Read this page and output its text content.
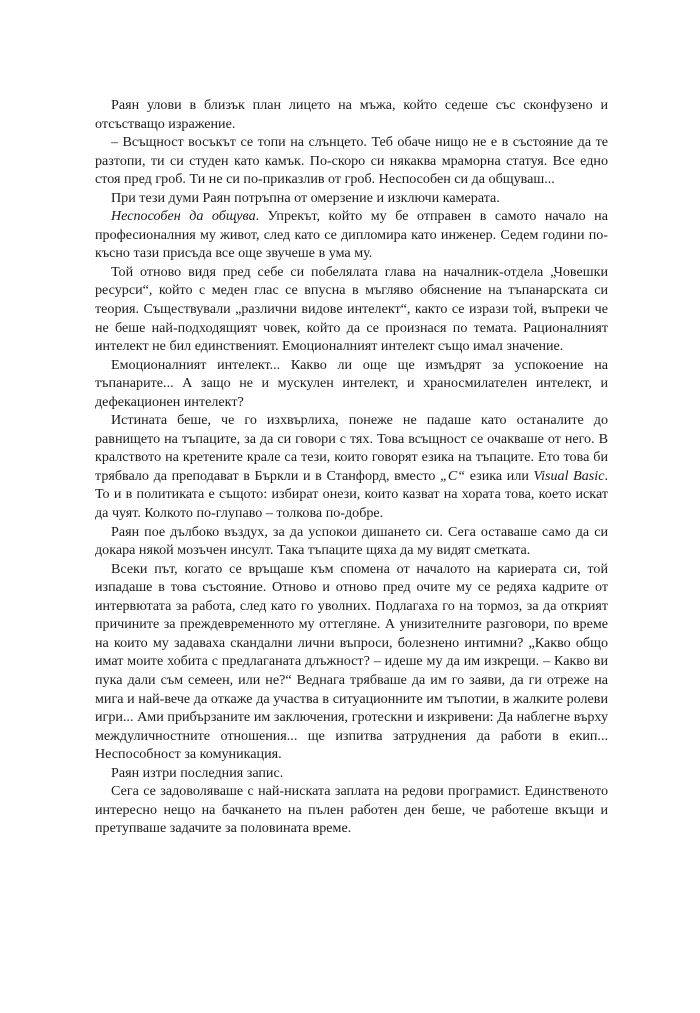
Раян улови в близък план лицето на мъжа, който седеше със сконфузено и отсъстващо изражение.

– Всъщност восъкът се топи на слънцето. Теб обаче нищо не е в състояние да те разтопи, ти си студен като камък. По-скоро си някаква мраморна статуя. Все едно стоя пред гроб. Ти не си по-приказлив от гроб. Неспособен си да общуваш...

При тези думи Раян потръпна от омерзение и изключи камерата.

Неспособен да общува. Упрекът, който му бе отправен в самото начало на професионалния му живот, след като се дипломира като инженер. Седем години по-късно тази присъда все още звучеше в ума му.

Той отново видя пред себе си побелялата глава на началник-отдела „Човешки ресурси“, който с меден глас се впусна в мъгляво обяснение на тъпанарската си теория. Съществували „различни видове интелект“, както се изрази той, въпреки че не беше най-подходящият човек, който да се произнася по темата. Рационалният интелект не бил единственият. Емоционалният интелект също имал значение.

Емоционалният интелект... Какво ли още ще измъдрят за успокоение на тъпанарите... А защо не и мускулен интелект, и храносмилателен интелект, и дефекационен интелект?

Истината беше, че го изхвърлиха, понеже не падаше като останалите до равнището на тъпаците, за да си говори с тях. Това всъщност се очакваше от него. В кралството на кретените крале са тези, които говорят езика на тъпаците. Ето това би трябвало да преподават в Бъркли и в Станфорд, вместо „C“ езика или Visual Basic. То и в политиката е същото: избират онези, които казват на хората това, което искат да чуят. Колкото по-глупаво – толкова по-добре.

Раян пое дълбоко въздух, за да успокои дишането си. Сега оставаше само да си докара някой мозъчен инсулт. Така тъпаците щяха да му видят сметката.

Всеки път, когато се връщаше към спомена от началото на кариерата си, той изпадаше в това състояние. Отново и отново пред очите му се редяха кадрите от интервютата за работа, след като го уволних. Подлагаха го на тормоз, за да открият причините за преждевременното му оттегляне. А унизителните разговори, по време на които му задаваха скандални лични въпроси, болезнено интимни? „Какво общо имат моите хобита с предлаганата длъжност? – идеше му да им изкрещи. – Какво ви пука дали съм семеен, или не?“ Веднага трябваше да им го заяви, да ги отреже на мига и най-вече да откаже да участва в ситуационните им тъпотии, в жалките ролеви игри... Ами прибързаните им заключения, гротескни и изкривени: Да наблегне върху междуличностните отношения... ще изпитва затруднения да работи в екип... Неспособност за комуникация.

Раян изтри последния запис.

Сега се задоволяваше с най-ниската заплата на редови програмист. Единственото интересно нещо на бачкането на пълен работен ден беше, че работеше вкъщи и претупваше задачите за половината време.
